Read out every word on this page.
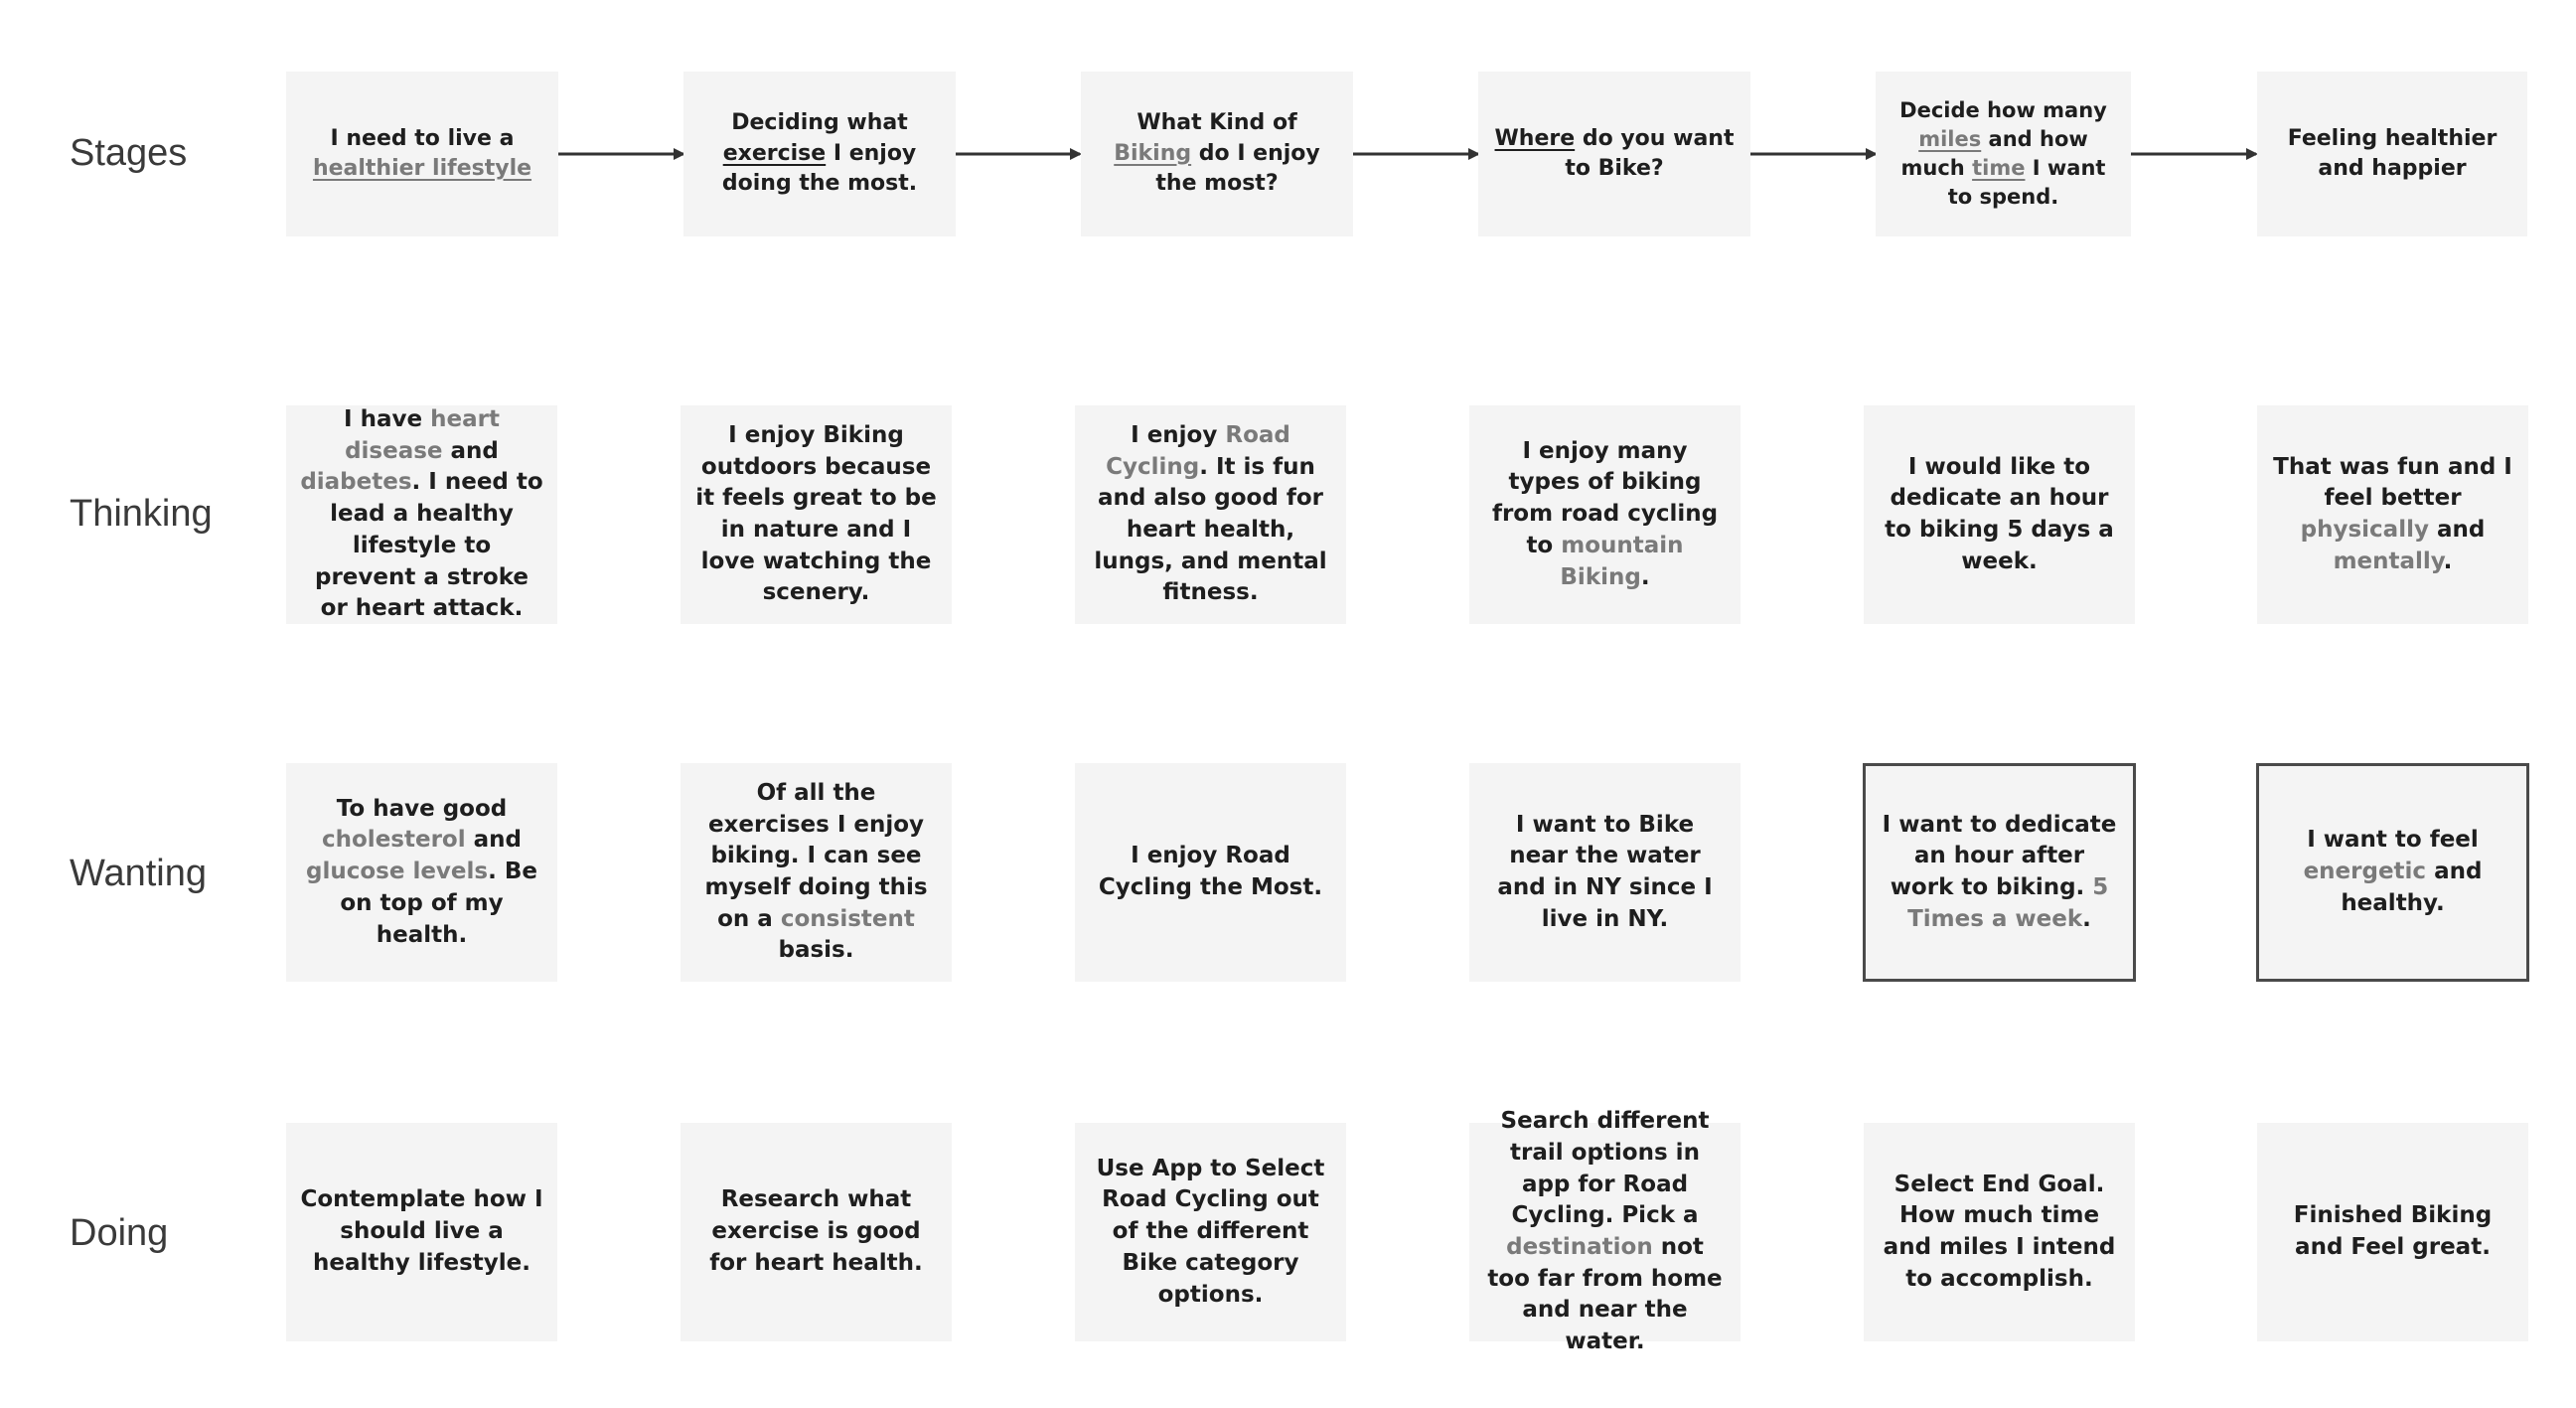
Stages
Thinking
Wanting
Doing
I need to live a
healthier lifestyle
Deciding what
exercise I enjoy doing the most.
What Kind of Biking do I enjoy the most?
Where do you want to Bike?
Decide how many miles and how much time I want to spend.
Feeling healthier and happier
I have heart disease and diabetes. I need to lead a healthy lifestyle to prevent a stroke or heart attack.
I enjoy Biking outdoors because it feels great to be in nature and I love watching the scenery.
I enjoy Road Cycling. It is fun and also good for heart health, lungs, and mental fitness.
I enjoy many types of biking from road cycling to mountain Biking.
I would like to dedicate an hour to biking 5 days a week.
That was fun and I feel better physically and mentally.
To have good cholesterol and glucose levels. Be on top of my health.
Of all the exercises I enjoy biking. I can see myself doing this on a consistent basis.
I enjoy Road Cycling the Most.
I want to Bike near the water and in NY since I live in NY.
I want to dedicate an hour after work to biking. 5 Times a week.
I want to feel energetic and healthy.
Contemplate how I should live a healthy lifestyle.
Research what exercise is good for heart health.
Use App to Select Road Cycling out of the different Bike category options.
Search different trail options in app for Road Cycling. Pick a destination not too far from home and near the water.
Select End Goal. How much time and miles I intend to accomplish.
Finished Biking and Feel great.
